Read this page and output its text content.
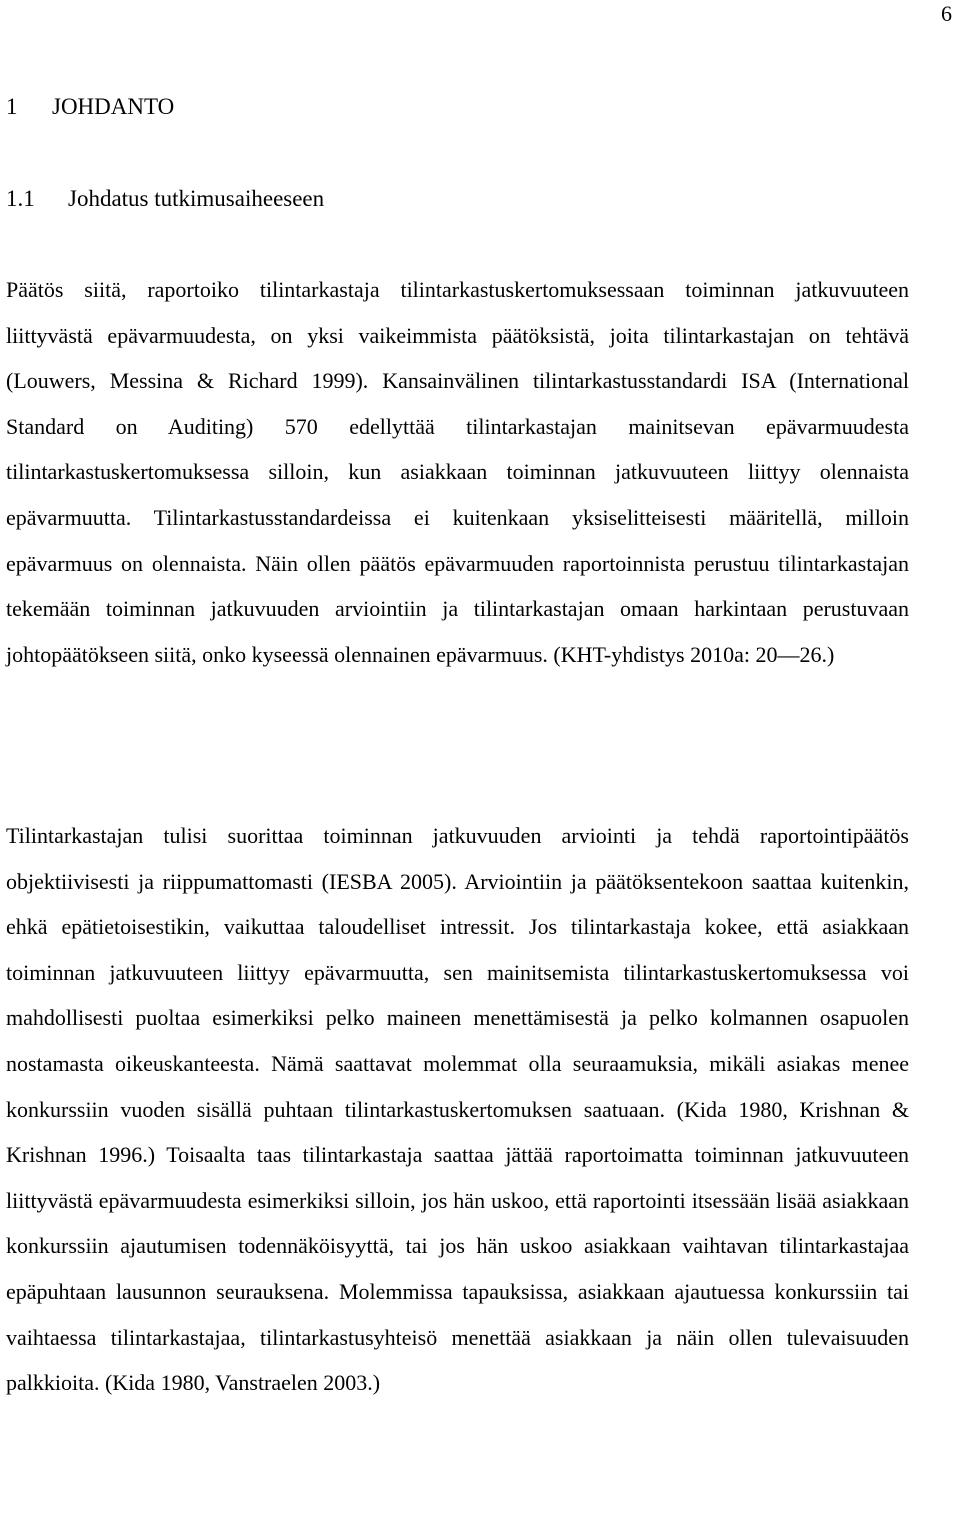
6
1 JOHDANTO
1.1 Johdatus tutkimusaiheeseen

Päätös siitä, raportoiko tilintarkastaja tilintarkastuskertomuksessaan toiminnan jatkuvuuteen liittyvästä epävarmuudesta, on yksi vaikeimmista päätöksistä, joita tilintarkastajan on tehtävä (Louwers, Messina & Richard 1999). Kansainvälinen tilintarkastusstandardi ISA (International Standard on Auditing) 570 edellyttää tilintarkastajan mainitsevan epävarmuudesta tilintarkastuskertomuksessa silloin, kun asiakkaan toiminnan jatkuvuuteen liittyy olennaista epävarmuutta. Tilintarkastusstandardeissa ei kuitenkaan yksiselitteisesti määritellä, milloin epävarmuus on olennaista. Näin ollen päätös epävarmuuden raportoinnista perustuu tilintarkastajan tekemään toiminnan jatkuvuuden arviointiin ja tilintarkastajan omaan harkintaan perustuvaan johtopäätökseen siitä, onko kyseessä olennainen epävarmuus. (KHT-yhdistys 2010a: 20—26.)

Tilintarkastajan tulisi suorittaa toiminnan jatkuvuuden arviointi ja tehdä raportointipäätös objektiivisesti ja riippumattomasti (IESBA 2005). Arviointiin ja päätöksentekoon saattaa kuitenkin, ehkä epätietoisestikin, vaikuttaa taloudelliset intressit. Jos tilintarkastaja kokee, että asiakkaan toiminnan jatkuvuuteen liittyy epävarmuutta, sen mainitsemista tilintarkastuskertomuksessa voi mahdollisesti puoltaa esimerkiksi pelko maineen menettämisestä ja pelko kolmannen osapuolen nostamasta oikeuskanteesta. Nämä saattavat molemmat olla seuraamuksia, mikäli asiakas menee konkurssiin vuoden sisällä puhtaan tilintarkastuskertomuksen saatuaan. (Kida 1980, Krishnan & Krishnan 1996.) Toisaalta taas tilintarkastaja saattaa jättää raportoimatta toiminnan jatkuvuuteen liittyvästä epävarmuudesta esimerkiksi silloin, jos hän uskoo, että raportointi itsessään lisää asiakkaan konkurssiin ajautumisen todennäköisyyttä, tai jos hän uskoo asiakkaan vaihtavan tilintarkastajaa epäpuhtaan lausunnon seurauksena. Molemmissa tapauksissa, asiakkaan ajautuessa konkurssiin tai vaihtaessa tilintarkastajaa, tilintarkastusyhteisö menettää asiakkaan ja näin ollen tulevaisuuden palkkioita. (Kida 1980, Vanstraelen 2003.)
